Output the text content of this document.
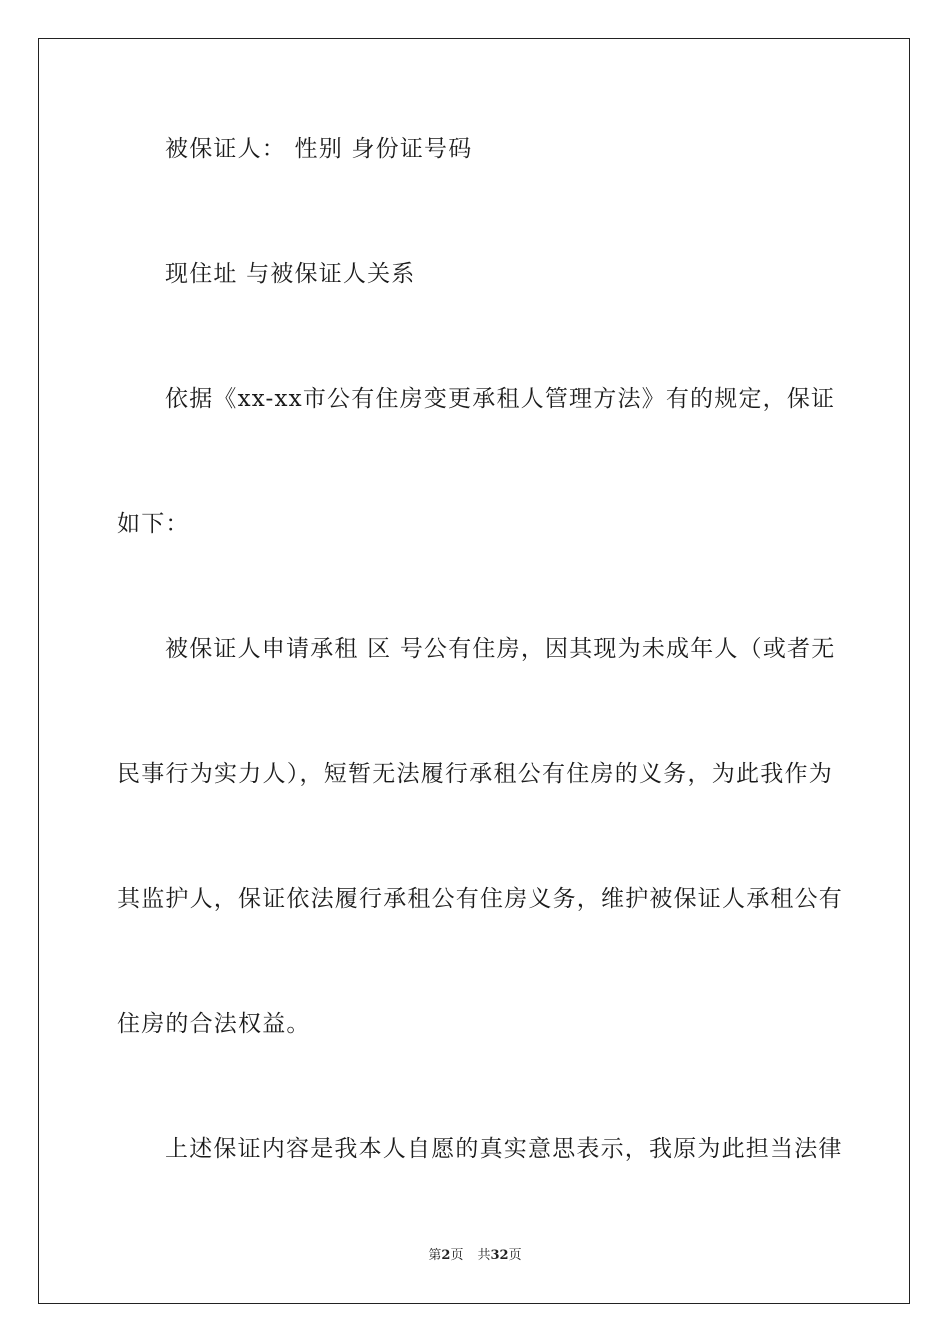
被保证人： 性别 身份证号码
现住址 与被保证人关系
依据《xx-xx市公有住房变更承租人管理方法》有的规定，保证
如下：
被保证人申请承租 区 号公有住房，因其现为未成年人（或者无
民事行为实力人），短暂无法履行承租公有住房的义务，为此我作为
其监护人，保证依法履行承租公有住房义务，维护被保证人承租公有
住房的合法权益。
上述保证内容是我本人自愿的真实意思表示，我原为此担当法律
第2页 共32页
